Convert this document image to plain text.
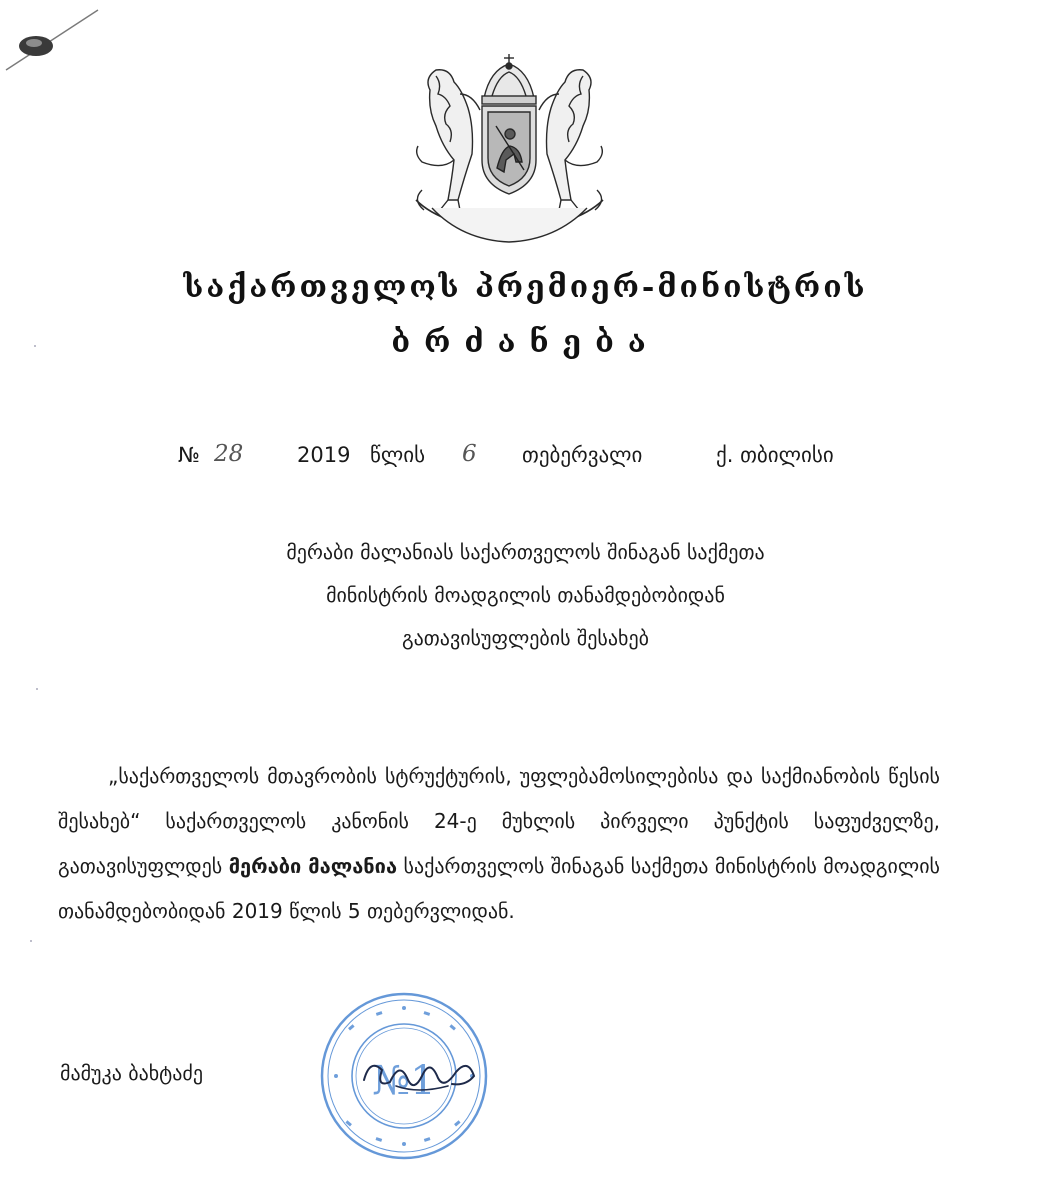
საქართველოს პრემიერ-მინისტრის
ბრძანება
№ 28	2019 წლის 6 თებერვალი	ქ. თბილისი
მერაბი მალანიას საქართველოს შინაგან საქმეთა
მინისტრის მოადგილის თანამდებობიდან
გათავისუფლების შესახებ

„საქართველოს მთავრობის სტრუქტურის, უფლებამოსილებისა და საქმიანობის წესის შესახებ“ საქართველოს კანონის 24-ე მუხლის პირველი პუნქტის საფუძველზე, გათავისუფლდეს მერაბი მალანია საქართველოს შინაგან საქმეთა მინისტრის მოადგილის თანამდებობიდან 2019 წლის 5 თებერვლიდან.

მამუკა ბახტაძე	№1
